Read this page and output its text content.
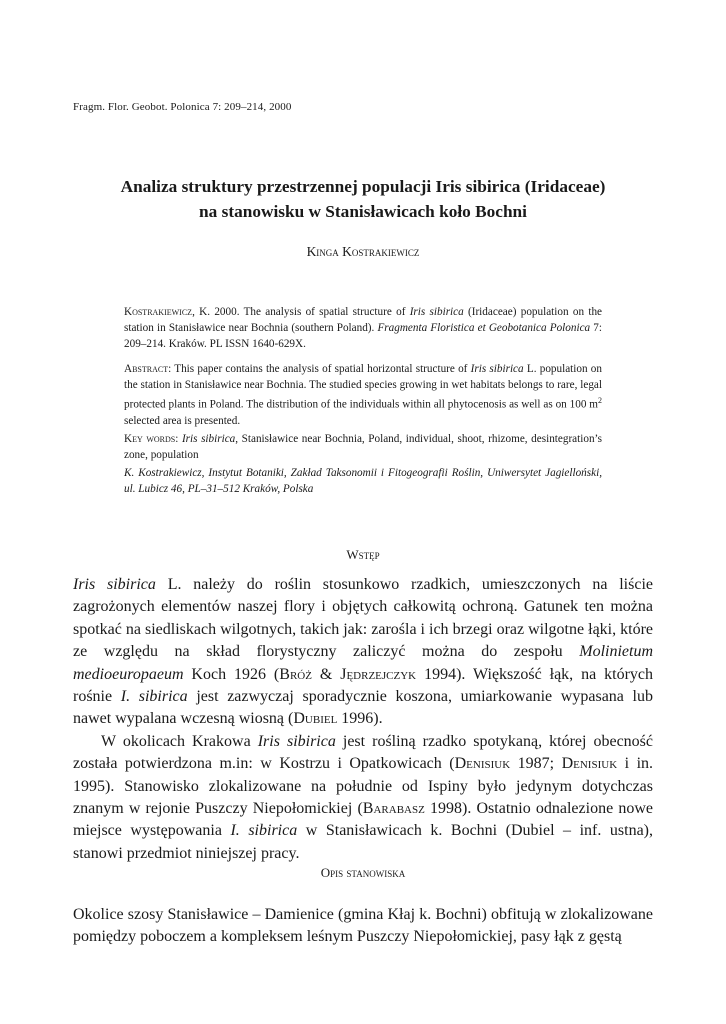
Fragm. Flor. Geobot. Polonica 7: 209–214, 2000
Analiza struktury przestrzennej populacji Iris sibirica (Iridaceae)
na stanowisku w Stanisławicach koło Bochni
Kinga Kostrakiewicz

Kostrakiewicz, K. 2000. The analysis of spatial structure of Iris sibirica (Iridaceae) population on the station in Stanisławice near Bochnia (southern Poland). Fragmenta Floristica et Geobotanica Polonica 7: 209–214. Kraków. PL ISSN 1640-629X.

Abstract: This paper contains the analysis of spatial horizontal structure of Iris sibirica L. population on the station in Stanisławice near Bochnia. The studied species growing in wet habitats belongs to rare, legal protected plants in Poland. The distribution of the individuals within all phytocenosis as well as on 100 $m^2$ selected area is presented.

Key words: Iris sibirica, Stanisławice near Bochnia, Poland, individual, shoot, rhizome, desintegration’s zone, population

K. Kostrakiewicz, Instytut Botaniki, Zakład Taksonomii i Fitogeografii Roślin, Uniwersytet Jagielloński, ul. Lubicz 46, PL–31–512 Kraków, Polska

Wstęp

Iris sibirica L. należy do roślin stosunkowo rzadkich, umieszczonych na liście zagrożonych elementów naszej flory i objętych całkowitą ochroną. Gatunek ten można spotkać na siedliskach wilgotnych, takich jak: zarośla i ich brzegi oraz wilgotne łąki, które ze względu na skład florystyczny zaliczyć można do zespołu Molinietum medioeuropaeum Koch 1926 (Bróż & Jędrzejczyk 1994). Większość łąk, na których rośnie I. sibirica jest zazwyczaj sporadycznie koszona, umiarkowanie wypasana lub nawet wypalana wczesną wiosną (Dubiel 1996).

W okolicach Krakowa Iris sibirica jest rośliną rzadko spotykaną, której obecność została potwierdzona m.in: w Kostrzu i Opatkowicach (Denisiuk 1987; Denisiuk i in. 1995). Stanowisko zlokalizowane na południe od Ispiny było jedynym dotychczas znanym w rejonie Puszczy Niepołomickiej (Barabasz 1998). Ostatnio odnalezione nowe miejsce występowania I. sibirica w Stanisławicach k. Bochni (Dubiel – inf. ustna), stanowi przedmiot niniejszej pracy.

Opis stanowiska

Okolice szosy Stanisławice – Damienice (gmina Kłaj k. Bochni) obfitują w zlokalizowane pomiędzy poboczem a kompleksem leśnym Puszczy Niepołomickiej, pasy łąk z gęstą
